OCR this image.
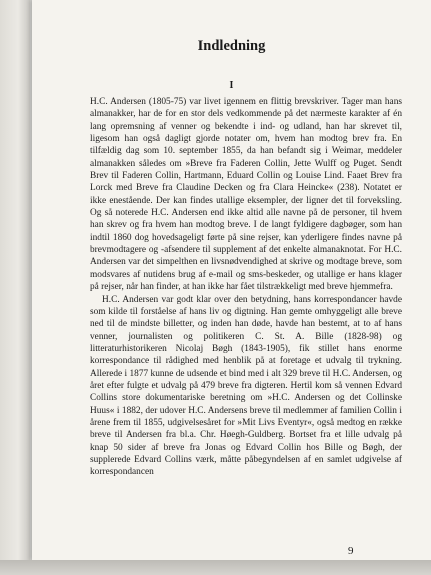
Indledning
I

H.C. Andersen (1805-75) var livet igennem en flittig brevskriver. Tager man hans almanakker, har de for en stor dels vedkommende på det nærmeste karakter af én lang opremsning af venner og bekendte i ind- og udland, han har skrevet til, ligesom han også dagligt gjorde notater om, hvem han modtog brev fra. En tilfældig dag som 10. september 1855, da han befandt sig i Weimar, meddeler almanakken således om »Breve fra Faderen Collin, Jette Wulff og Puget. Sendt Brev til Faderen Collin, Hartmann, Eduard Collin og Louise Lind. Faaet Brev fra Lorck med Breve fra Claudine Decken og fra Clara Heincke« (238). Notatet er ikke enestående. Der kan findes utallige eksempler, der ligner det til forveksling. Og så noterede H.C. Andersen end ikke altid alle navne på de personer, til hvem han skrev og fra hvem han modtog breve. I de langt fyldigere dagbøger, som han indtil 1860 dog hovedsageligt førte på sine rejser, kan yderligere findes navne på brevmodtagere og -afsendere til supplement af det enkelte almanaknotat. For H.C. Andersen var det simpelthen en livsnødvendighed at skrive og modtage breve, som modsvares af nutidens brug af e-mail og sms-beskeder, og utallige er hans klager på rejser, når han finder, at han ikke har fået tilstrækkeligt med breve hjemmefra.

H.C. Andersen var godt klar over den betydning, hans korrespondancer havde som kilde til forståelse af hans liv og digtning. Han gemte omhyggeligt alle breve ned til de mindste billetter, og inden han døde, havde han bestemt, at to af hans venner, journalisten og politikeren C. St. A. Bille (1828-98) og litteraturhistorikeren Nicolaj Bøgh (1843-1905), fik stillet hans enorme korrespondance til rådighed med henblik på at foretage et udvalg til trykning. Allerede i 1877 kunne de udsende et bind med i alt 329 breve til H.C. Andersen, og året efter fulgte et udvalg på 479 breve fra digteren. Hertil kom så vennen Edvard Collins store dokumentariske beretning om »H.C. Andersen og det Collinske Huus« i 1882, der udover H.C. Andersens breve til medlemmer af familien Collin i årene frem til 1855, udgivelsesåret for »Mit Livs Eventyr«, også medtog en række breve til Andersen fra bl.a. Chr. Høegh-Guldberg. Bortset fra et lille udvalg på knap 50 sider af breve fra Jonas og Edvard Collin hos Bille og Bøgh, der supplerede Edvard Collins værk, måtte påbegyndelsen af en samlet udgivelse af korrespondancen

9
